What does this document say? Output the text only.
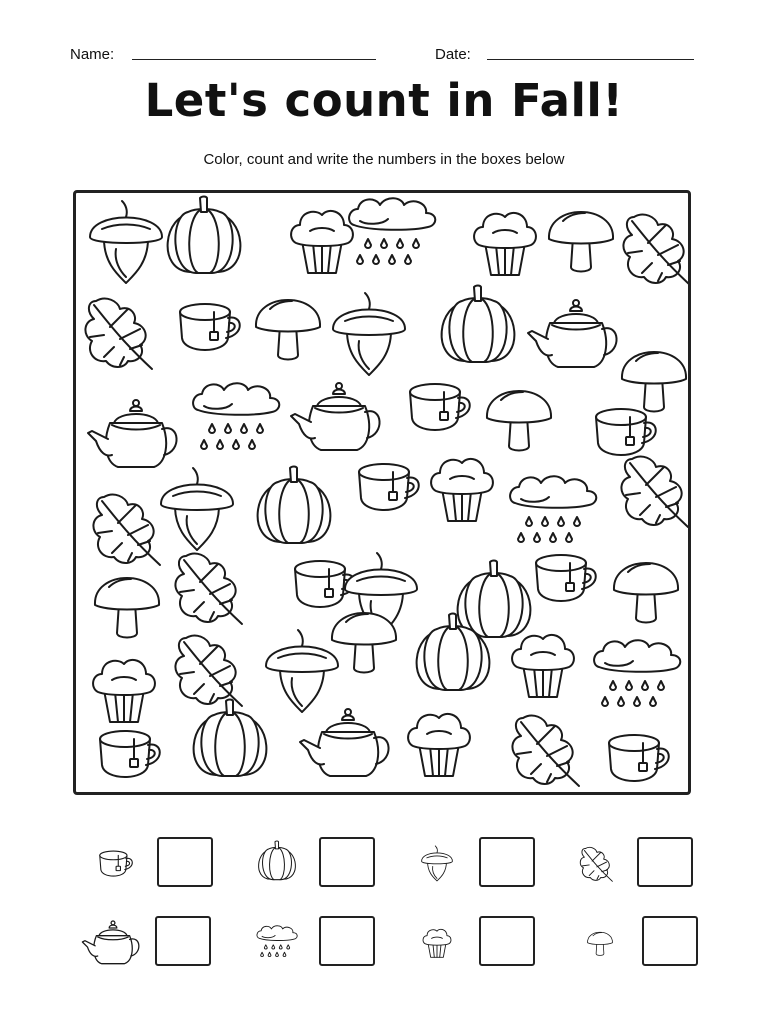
Name:	Date:
Let's count in Fall!
Color, count and write the numbers in the boxes below
